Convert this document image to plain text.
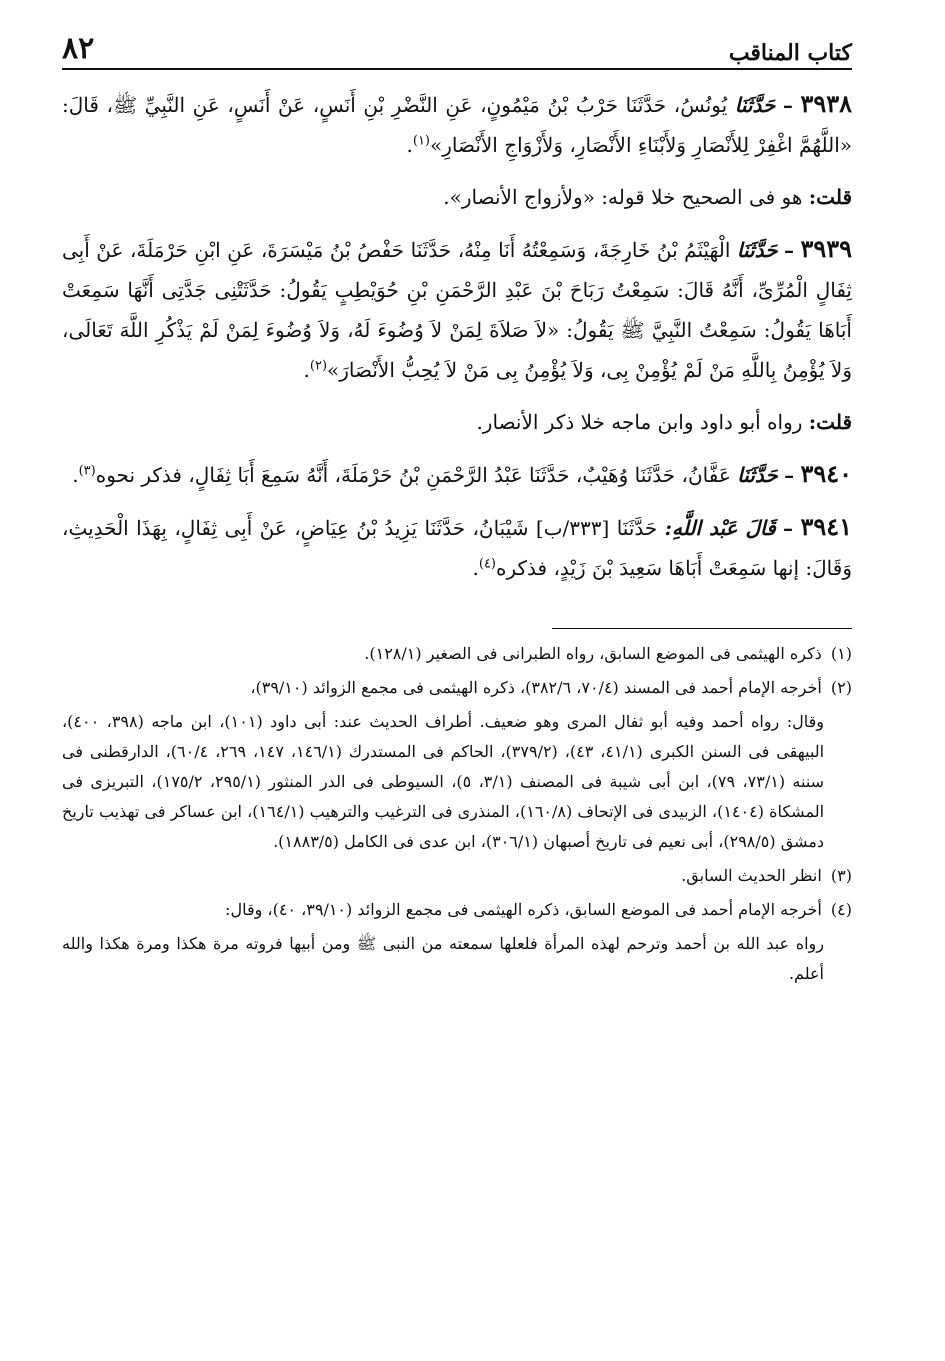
كتاب المناقب
٨٢

٣٩٣٨ – حَدَّثَنَا يُونُسُ، حَدَّثَنَا حَرْبُ بْنُ مَيْمُونٍ، عَنِ النَّضْرِ بْنِ أَنَسٍ، عَنْ أَنَسٍ، عَنِ النَّبِيِّ ﷺ، قَالَ: «اللَّهُمَّ اغْفِرْ لِلأَنْصَارِ وَلأَبْنَاءِ الأَنْصَارِ، وَلأَزْوَاجِ الأَنْصَارِ»$^{(١)}$.

قلت: هو فى الصحيح خلا قوله: «ولأزواج الأنصار».

٣٩٣٩ – حَدَّثَنَا الْهَيْثَمُ بْنُ خَارِجَةَ، وَسَمِعْتُهُ أَنَا مِنْهُ، حَدَّثَنَا حَفْصُ بْنُ مَيْسَرَةَ، عَنِ ابْنِ حَرْمَلَةَ، عَنْ أَبِى ثِفَالٍ الْمُرِّىِّ، أَنَّهُ قَالَ: سَمِعْتُ رَبَاحَ بْنَ عَبْدِ الرَّحْمَنِ بْنِ حُوَيْطِبٍ يَقُولُ: حَدَّثَتْنِى جَدَّتِى أَنَّهَا سَمِعَتْ أَبَاهَا يَقُولُ: سَمِعْتُ النَّبِيَّ ﷺ يَقُولُ: «لاَ صَلاَةَ لِمَنْ لاَ وُضُوءَ لَهُ، وَلاَ وُضُوءَ لِمَنْ لَمْ يَذْكُرِ اللَّهَ تَعَالَى، وَلاَ يُؤْمِنُ بِاللَّهِ مَنْ لَمْ يُؤْمِنْ بِى، وَلاَ يُؤْمِنُ بِى مَنْ لاَ يُحِبُّ الأَنْصَارَ»$^{(٢)}$.

قلت: رواه أبو داود وابن ماجه خلا ذكر الأنصار.

٣٩٤٠ – حَدَّثَنَا عَفَّانُ، حَدَّثَنَا وُهَيْبٌ، حَدَّثَنَا عَبْدُ الرَّحْمَنِ بْنُ حَرْمَلَةَ، أَنَّهُ سَمِعَ أَبَا ثِفَالٍ، فذكر نحوه$^{(٣)}$.

٣٩٤١ – قَالَ عَبْد اللَّهِ: حَدَّثَنَا [٣٣٣/ب] شَيْبَانُ، حَدَّثَنَا يَزِيدُ بْنُ عِيَاضٍ، عَنْ أَبِى ثِفَالٍ، بِهَذَا الْحَدِيثِ، وَقَالَ: إنها سَمِعَتْ أَبَاهَا سَعِيدَ بْنَ زَيْدٍ، فذكره$^{(٤)}$.

(١) ذكره الهيثمى فى الموضع السابق، رواه الطبرانى فى الصغير (١٢٨/١).

(٢) أخرجه الإمام أحمد فى المسند (٧٠/٤، ٣٨٢/٦)، ذكره الهيثمى فى مجمع الزوائد (٣٩/١٠)،

وقال: رواه أحمد وفيه أبو ثفال المرى وهو ضعيف. أطراف الحديث عند: أبى داود (١٠١)، ابن ماجه (٣٩٨، ٤٠٠)، البيهقى فى السنن الكبرى (٤١/١، ٤٣)، (٣٧٩/٢)، الحاكم فى المستدرك (١٤٦/١، ١٤٧، ٢٦٩، ٦٠/٤)، الدارقطنى فى سننه (٧٣/١، ٧٩)، ابن أبى شيبة فى المصنف (٣/١، ٥)، السيوطى فى الدر المنثور (٢٩٥/١، ١٧٥/٢)، التبريزى فى المشكاة (١٤٠٤)، الزبيدى فى الإتحاف (١٦٠/٨)، المنذرى فى الترغيب والترهيب (١٦٤/١)، ابن عساكر فى تهذيب تاريخ دمشق (٢٩٨/٥)، أبى نعيم فى تاريخ أصبهان (٣٠٦/١)، ابن عدى فى الكامل (١٨٨٣/٥).

(٣) انظر الحديث السابق.

(٤) أخرجه الإمام أحمد فى الموضع السابق، ذكره الهيثمى فى مجمع الزوائد (٣٩/١٠، ٤٠)، وقال:

رواه عبد الله بن أحمد وترحم لهذه المرأة فلعلها سمعته من النبى ﷺ ومن أبيها فروته مرة هكذا ومرة هكذا والله أعلم.
